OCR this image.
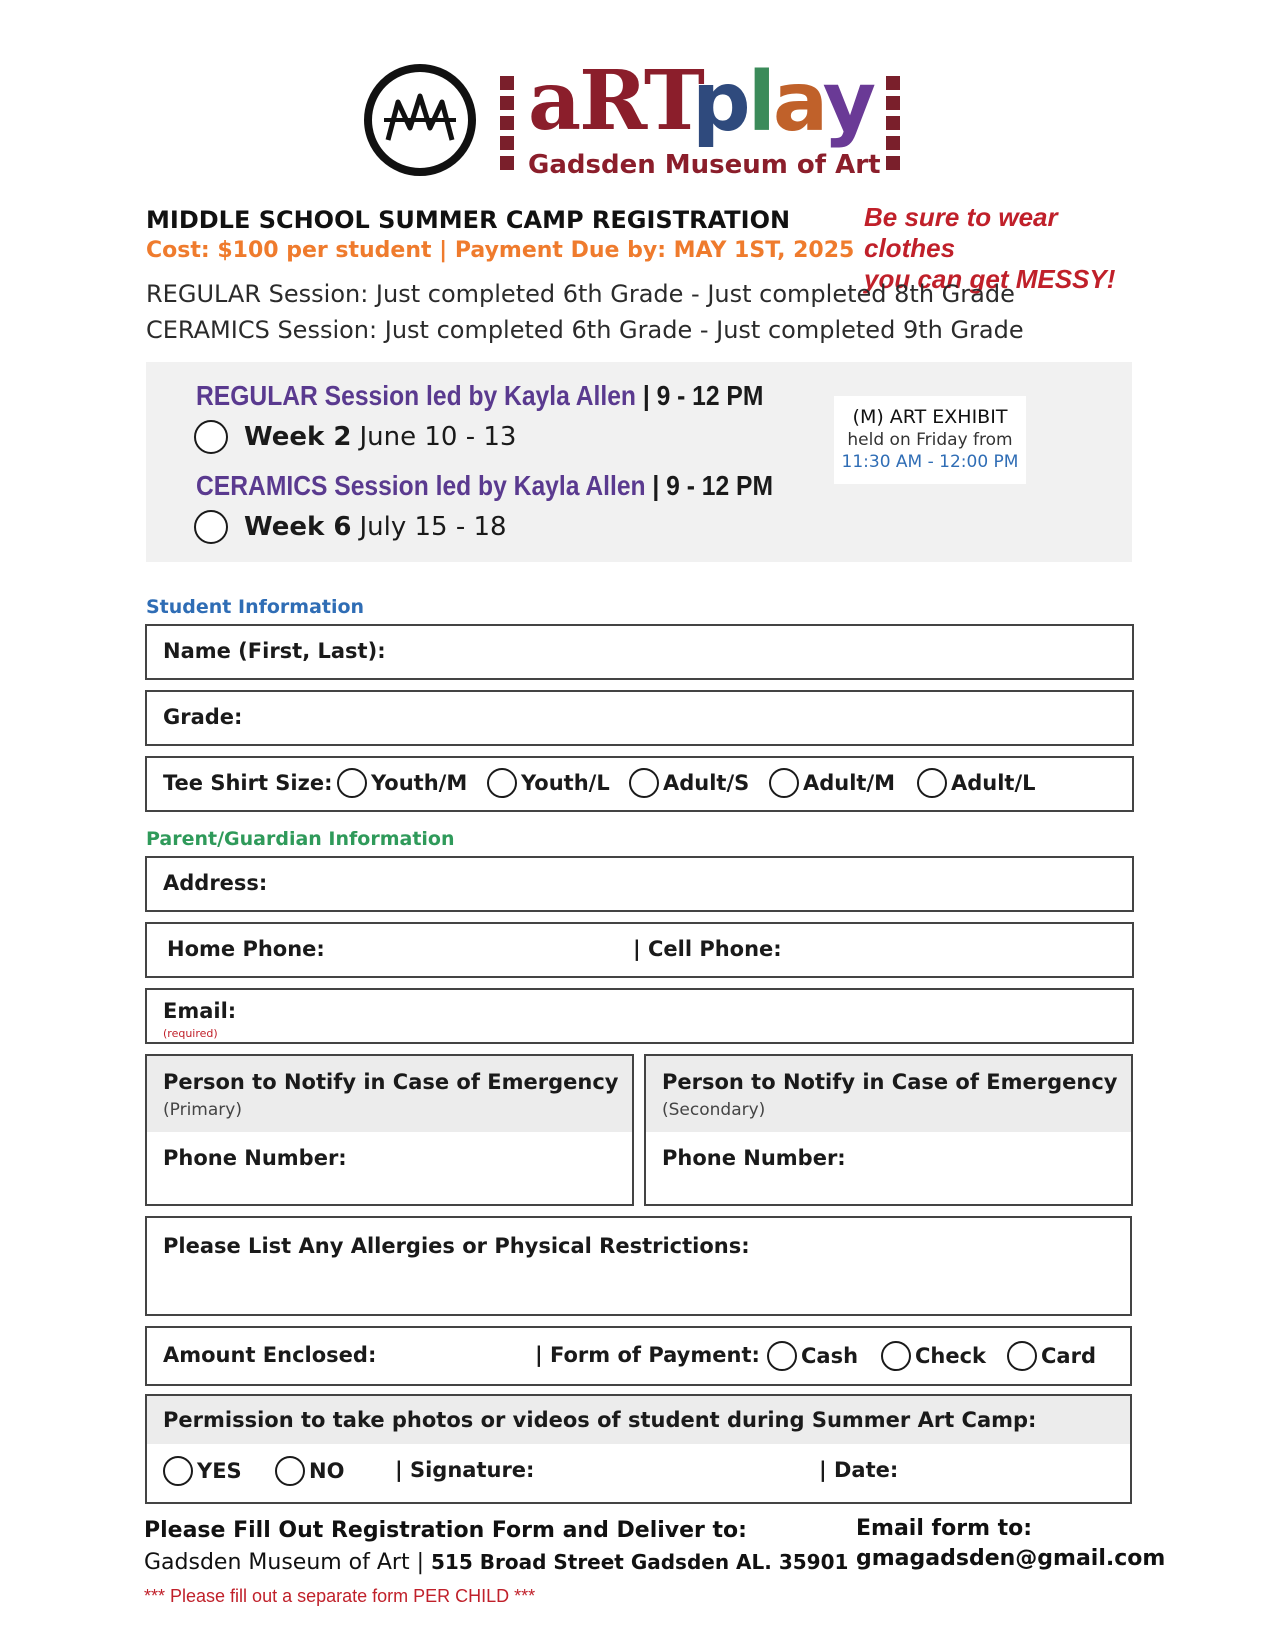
aRT
play
Gadsden Museum of Art
MIDDLE SCHOOL SUMMER CAMP REGISTRATION
Cost: $100 per student | Payment Due by: MAY 1ST, 2025
Be sure to wear clothes
you can get MESSY!
REGULAR Session: Just completed 6th Grade - Just completed 8th Grade
CERAMICS Session: Just completed 6th Grade - Just completed 9th Grade
REGULAR Session led by Kayla Allen | 9 - 12 PM
Week 2 June 10 - 13
CERAMICS Session led by Kayla Allen | 9 - 12 PM
Week 6 July 15 - 18
(M) ART EXHIBIT
held on Friday from
11:30 AM - 12:00 PM
Student Information
Name (First, Last):
Grade:
Tee Shirt Size: Youth/M	Youth/L	Adult/S	Adult/M	Adult/L
Parent/Guardian Information
Address:
Home Phone:	| Cell Phone:
Email:
(required)
Person to Notify in Case of Emergency
(Primary)
Phone Number:
Person to Notify in Case of Emergency
(Secondary)
Phone Number:
Please List Any Allergies or Physical Restrictions:
Amount Enclosed:	| Form of Payment: Cash	Check	Card
Permission to take photos or videos of student during Summer Art Camp:
YES	NO | Signature:	| Date:
Please Fill Out Registration Form and Deliver to:
Gadsden Museum of Art | 515 Broad Street Gadsden AL. 35901
Email form to:
gmagadsden@gmail.com
*** Please fill out a separate form PER CHILD ***
